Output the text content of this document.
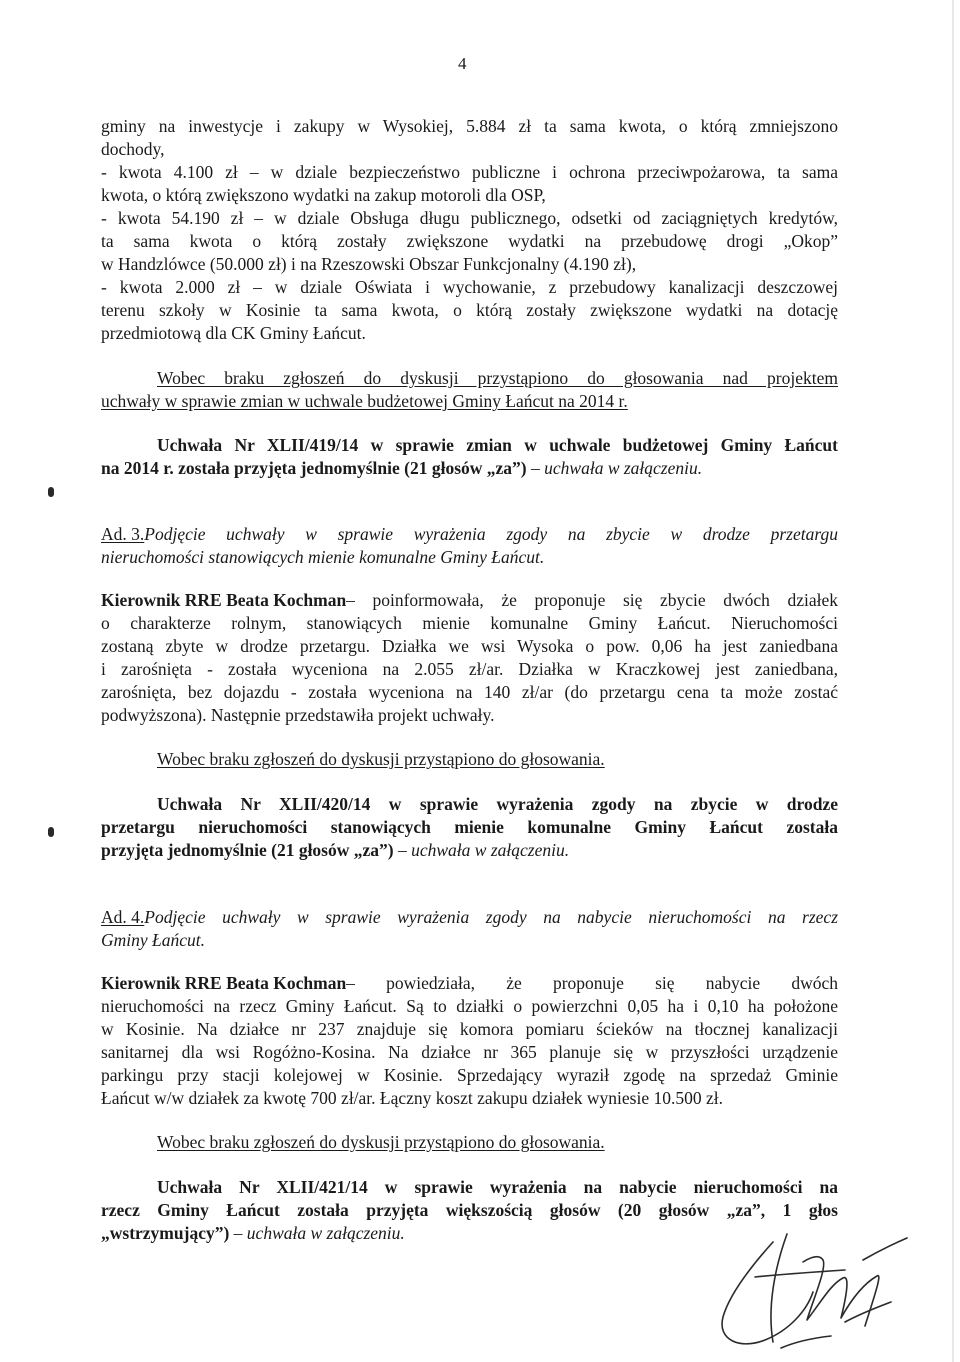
4
gminy na inwestycje i zakupy w Wysokiej, 5.884 zł ta sama kwota, o którą zmniejszono
dochody,
- kwota 4.100 zł – w dziale bezpieczeństwo publiczne i ochrona przeciwpożarowa, ta sama
kwota, o którą zwiększono wydatki na zakup motoroli dla OSP,
- kwota 54.190 zł – w dziale Obsługa długu publicznego, odsetki od zaciągniętych kredytów,
ta sama kwota o którą zostały zwiększone wydatki na przebudowę drogi „Okop”
w Handzlówce (50.000 zł) i na Rzeszowski Obszar Funkcjonalny (4.190 zł),
- kwota 2.000 zł – w dziale Oświata i wychowanie, z przebudowy kanalizacji deszczowej
terenu szkoły w Kosinie ta sama kwota, o którą zostały zwiększone wydatki na dotację
przedmiotową dla CK Gminy Łańcut.
Wobec braku zgłoszeń do dyskusji przystąpiono do głosowania nad projektem
uchwały w sprawie zmian w uchwale budżetowej Gminy Łańcut na 2014 r.
Uchwała Nr XLII/419/14 w sprawie zmian w uchwale budżetowej Gminy Łańcut
na 2014 r. została przyjęta jednomyślnie (21 głosów „za”) – uchwała w załączeniu.
Ad. 3. Podjęcie uchwały w sprawie wyrażenia zgody na zbycie w drodze przetargu
nieruchomości stanowiących mienie komunalne Gminy Łańcut.
Kierownik RRE Beata Kochman – poinformowała, że proponuje się zbycie dwóch działek
o charakterze rolnym, stanowiących mienie komunalne Gminy Łańcut. Nieruchomości
zostaną zbyte w drodze przetargu. Działka we wsi Wysoka o pow. 0,06 ha jest zaniedbana
i zarośnięta - została wyceniona na 2.055 zł/ar. Działka w Kraczkowej jest zaniedbana,
zarośnięta, bez dojazdu - została wyceniona na 140 zł/ar (do przetargu cena ta może zostać
podwyższona). Następnie przedstawiła projekt uchwały.
Wobec braku zgłoszeń do dyskusji przystąpiono do głosowania.
Uchwała Nr XLII/420/14 w sprawie wyrażenia zgody na zbycie w drodze
przetargu nieruchomości stanowiących mienie komunalne Gminy Łańcut została
przyjęta jednomyślnie (21 głosów „za”) – uchwała w załączeniu.
Ad. 4. Podjęcie uchwały w sprawie wyrażenia zgody na nabycie nieruchomości na rzecz
Gminy Łańcut.
Kierownik RRE Beata Kochman – powiedziała, że proponuje się nabycie dwóch
nieruchomości na rzecz Gminy Łańcut. Są to działki o powierzchni 0,05 ha i 0,10 ha położone
w Kosinie. Na działce nr 237 znajduje się komora pomiaru ścieków na tłocznej kanalizacji
sanitarnej dla wsi Rogóżno-Kosina. Na działce nr 365 planuje się w przyszłości urządzenie
parkingu przy stacji kolejowej w Kosinie. Sprzedający wyraził zgodę na sprzedaż Gminie
Łańcut w/w działek za kwotę 700 zł/ar. Łączny koszt zakupu działek wyniesie 10.500 zł.
Wobec braku zgłoszeń do dyskusji przystąpiono do głosowania.
Uchwała Nr XLII/421/14 w sprawie wyrażenia na nabycie nieruchomości na
rzecz Gminy Łańcut została przyjęta większością głosów (20 głosów „za”, 1 głos
„wstrzymujący”) – uchwała w załączeniu.
